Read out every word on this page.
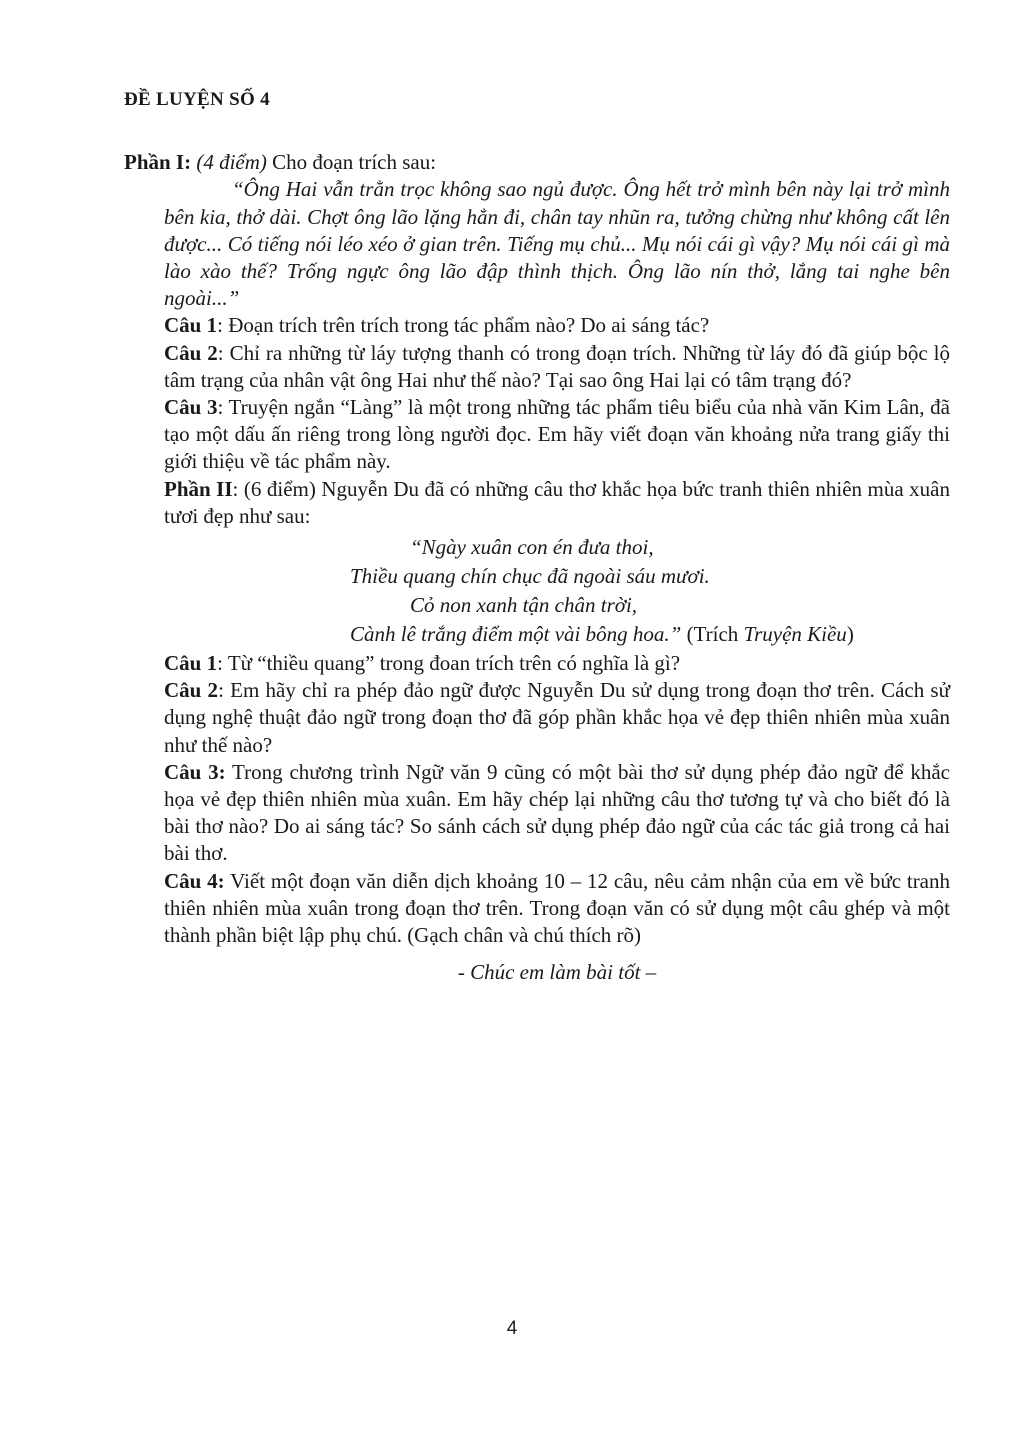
ĐỀ LUYỆN SỐ 4

Phần I: (4 điểm) Cho đoạn trích sau:

“Ông Hai vẫn trằn trọc không sao ngủ được. Ông hết trở mình bên này lại trở mình bên kia, thở dài. Chợt ông lão lặng hẳn đi, chân tay nhũn ra, tưởng chừng như không cất lên được... Có tiếng nói léo xéo ở gian trên. Tiếng mụ chủ... Mụ nói cái gì vậy? Mụ nói cái gì mà lào xào thế? Trống ngực ông lão đập thình thịch. Ông lão nín thở, lắng tai nghe bên ngoài...”

Câu 1: Đoạn trích trên trích trong tác phẩm nào? Do ai sáng tác?

Câu 2: Chỉ ra những từ láy tượng thanh có trong đoạn trích. Những từ láy đó đã giúp bộc lộ tâm trạng của nhân vật ông Hai như thế nào? Tại sao ông Hai lại có tâm trạng đó?

Câu 3: Truyện ngắn “Làng” là một trong những tác phẩm tiêu biểu của nhà văn Kim Lân, đã tạo một dấu ấn riêng trong lòng người đọc. Em hãy viết đoạn văn khoảng nửa trang giấy thi giới thiệu về tác phẩm này.

Phần II: (6 điểm) Nguyễn Du đã có những câu thơ khắc họa bức tranh thiên nhiên mùa xuân tươi đẹp như sau:

“Ngày xuân con én đưa thoi,
Thiều quang chín chục đã ngoài sáu mươi.
Cỏ non xanh tận chân trời,
Cành lê trắng điểm một vài bông hoa.” (Trích Truyện Kiều)

Câu 1: Từ “thiều quang” trong đoan trích trên có nghĩa là gì?

Câu 2: Em hãy chỉ ra phép đảo ngữ được Nguyễn Du sử dụng trong đoạn thơ trên. Cách sử dụng nghệ thuật đảo ngữ trong đoạn thơ đã góp phần khắc họa vẻ đẹp thiên nhiên mùa xuân như thế nào?

Câu 3: Trong chương trình Ngữ văn 9 cũng có một bài thơ sử dụng phép đảo ngữ để khắc họa vẻ đẹp thiên nhiên mùa xuân. Em hãy chép lại những câu thơ tương tự và cho biết đó là bài thơ nào? Do ai sáng tác? So sánh cách sử dụng phép đảo ngữ của các tác giả trong cả hai bài thơ.

Câu 4: Viết một đoạn văn diễn dịch khoảng 10 – 12 câu, nêu cảm nhận của em về bức tranh thiên nhiên mùa xuân trong đoạn thơ trên. Trong đoạn văn có sử dụng một câu ghép và một thành phần biệt lập phụ chú. (Gạch chân và chú thích rõ)

- Chúc em làm bài tốt –
4
